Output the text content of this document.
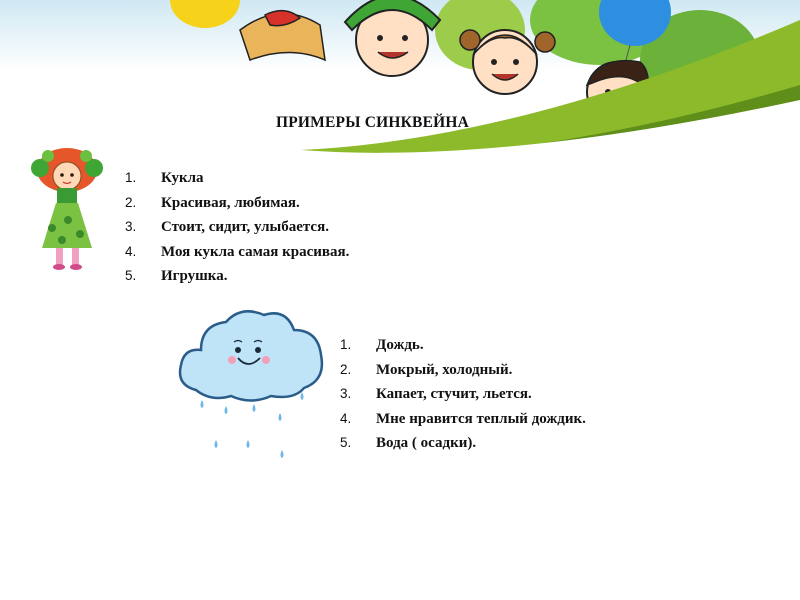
ПРИМЕРЫ СИНКВЕЙНА
1. Кукла
2. Красивая, любимая.
3. Стоит, сидит, улыбается.
4. Моя кукла самая красивая.
5. Игрушка.
1. Дождь.
2. Мокрый, холодный.
3. Капает, стучит, льется.
4. Мне нравится теплый дождик.
5. Вода ( осадки).
